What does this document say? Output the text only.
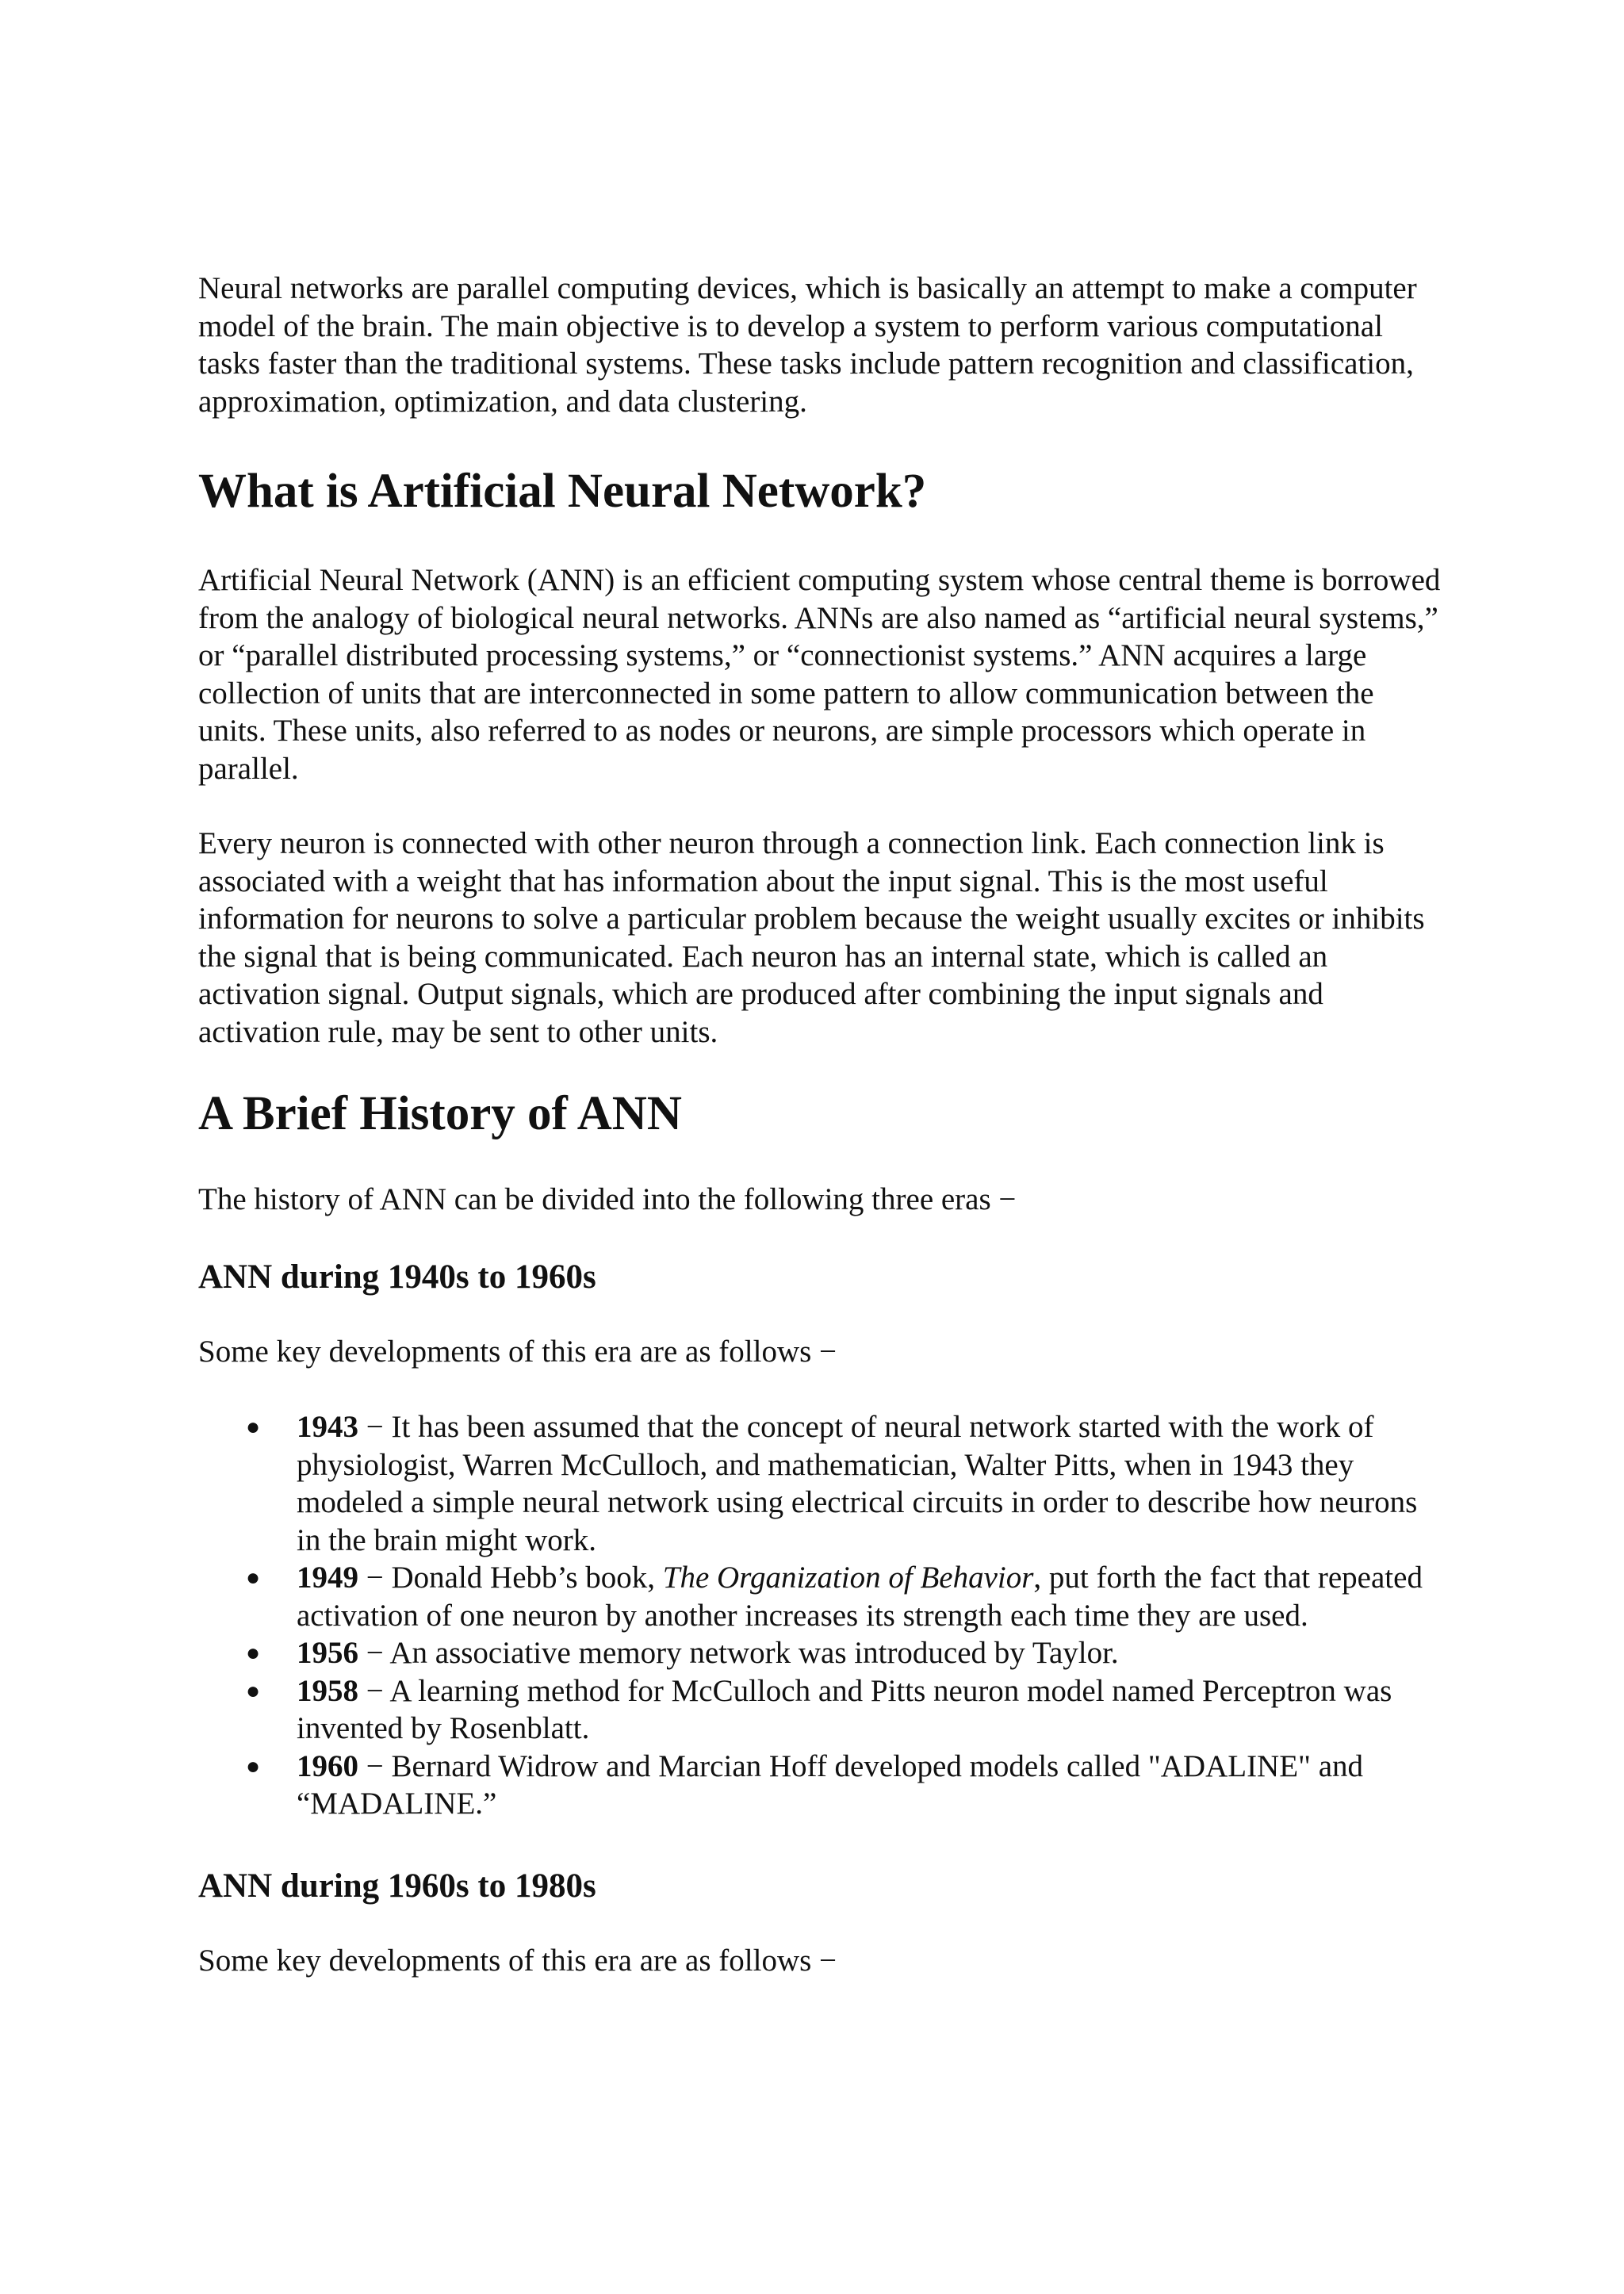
Neural networks are parallel computing devices, which is basically an attempt to make a computer model of the brain. The main objective is to develop a system to perform various computational tasks faster than the traditional systems. These tasks include pattern recognition and classification, approximation, optimization, and data clustering.

What is Artificial Neural Network?

Artificial Neural Network (ANN) is an efficient computing system whose central theme is borrowed from the analogy of biological neural networks. ANNs are also named as “artificial neural systems,” or “parallel distributed processing systems,” or “connectionist systems.” ANN acquires a large collection of units that are interconnected in some pattern to allow communication between the units. These units, also referred to as nodes or neurons, are simple processors which operate in parallel.

Every neuron is connected with other neuron through a connection link. Each connection link is associated with a weight that has information about the input signal. This is the most useful information for neurons to solve a particular problem because the weight usually excites or inhibits the signal that is being communicated. Each neuron has an internal state, which is called an activation signal. Output signals, which are produced after combining the input signals and activation rule, may be sent to other units.

A Brief History of ANN

The history of ANN can be divided into the following three eras −

ANN during 1940s to 1960s

Some key developments of this era are as follows −

● 1943 − It has been assumed that the concept of neural network started with the work of physiologist, Warren McCulloch, and mathematician, Walter Pitts, when in 1943 they modeled a simple neural network using electrical circuits in order to describe how neurons in the brain might work.
● 1949 − Donald Hebb’s book, The Organization of Behavior, put forth the fact that repeated activation of one neuron by another increases its strength each time they are used.
● 1956 − An associative memory network was introduced by Taylor.
● 1958 − A learning method for McCulloch and Pitts neuron model named Perceptron was invented by Rosenblatt.
● 1960 − Bernard Widrow and Marcian Hoff developed models called "ADALINE" and “MADALINE.”
ANN during 1960s to 1980s

Some key developments of this era are as follows −
